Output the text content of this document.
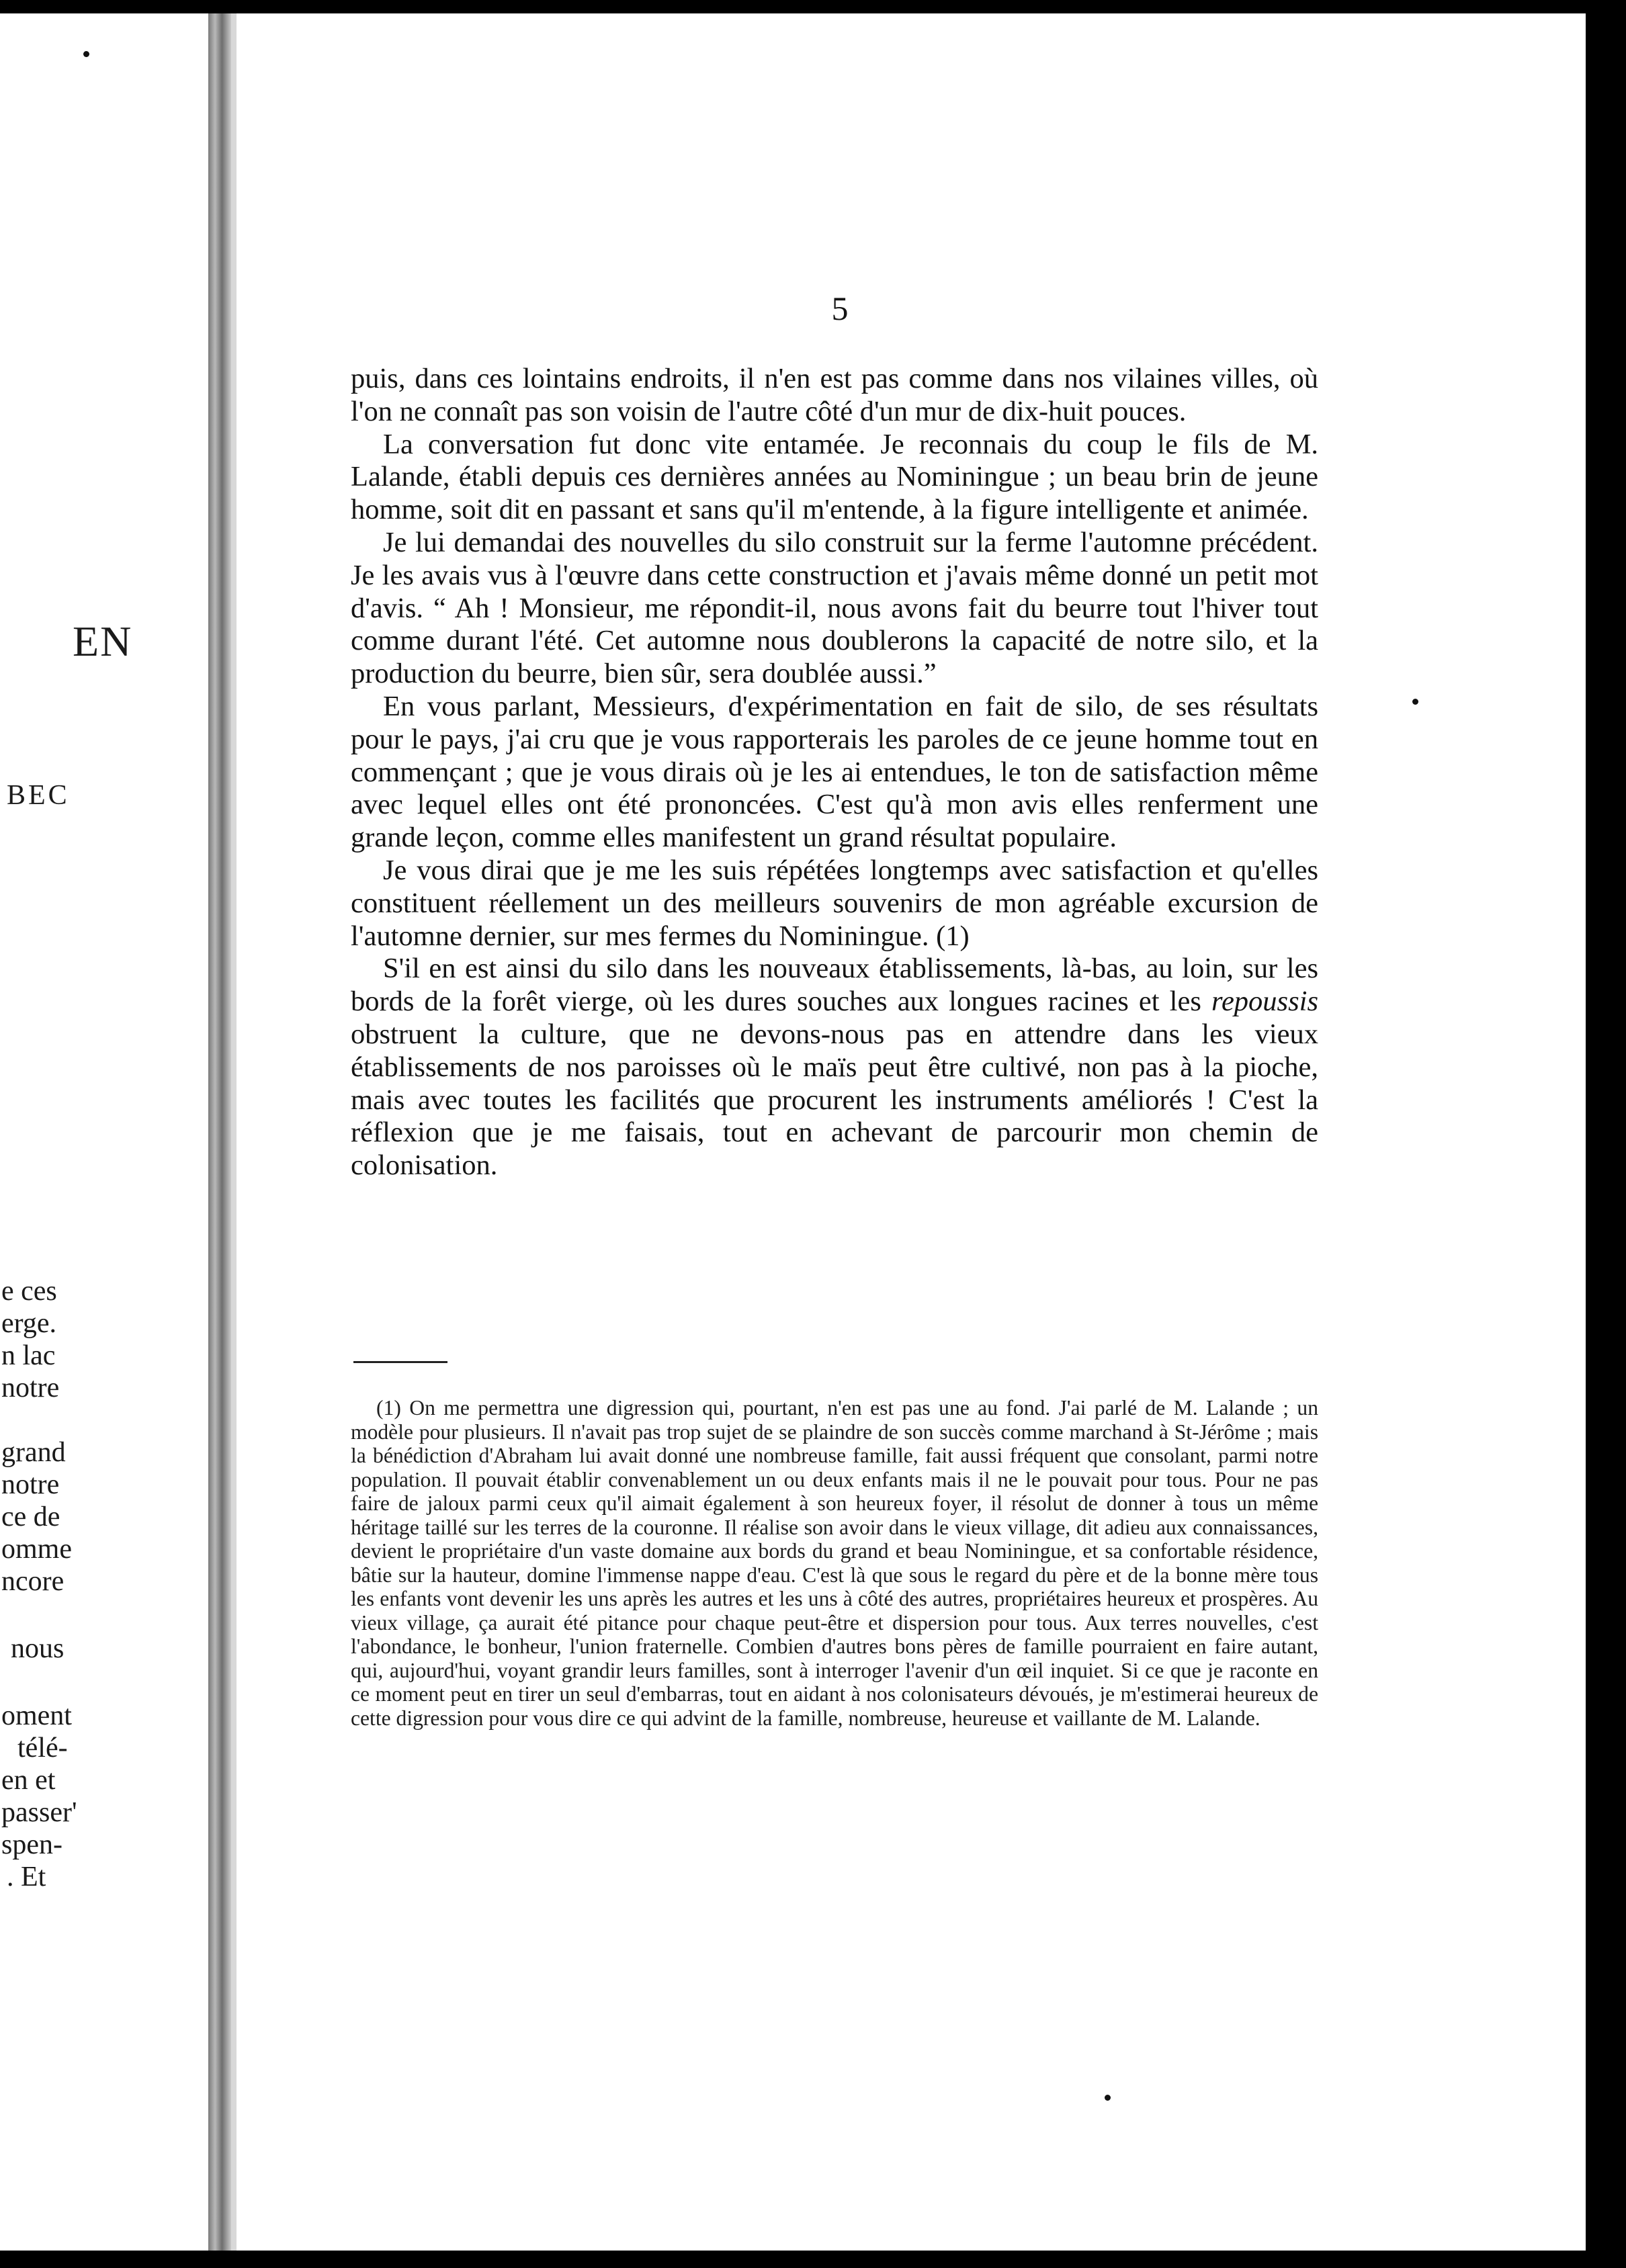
EN
BEC
e ces
erge.
n lac
notre
grand
notre
ce de
omme
ncore
nous
oment
télé-
en et
passer'
spen-
. Et
5

puis, dans ces lointains endroits, il n'en est pas comme dans nos vilaines villes, où l'on ne connaît pas son voisin de l'autre côté d'un mur de dix-huit pouces.

La conversation fut donc vite entamée. Je reconnais du coup le fils de M. Lalande, établi depuis ces dernières années au Nominingue ; un beau brin de jeune homme, soit dit en passant et sans qu'il m'entende, à la figure intelligente et animée.

Je lui demandai des nouvelles du silo construit sur la ferme l'automne précédent. Je les avais vus à l'œuvre dans cette construction et j'avais même donné un petit mot d'avis. “ Ah ! Monsieur, me répondit-il, nous avons fait du beurre tout l'hiver tout comme durant l'été. Cet automne nous doublerons la capacité de notre silo, et la production du beurre, bien sûr, sera doublée aussi.”

En vous parlant, Messieurs, d'expérimentation en fait de silo, de ses résultats pour le pays, j'ai cru que je vous rapporterais les paroles de ce jeune homme tout en commençant ; que je vous dirais où je les ai entendues, le ton de satisfaction même avec lequel elles ont été prononcées. C'est qu'à mon avis elles renferment une grande leçon, comme elles manifestent un grand résultat populaire.

Je vous dirai que je me les suis répétées longtemps avec satisfaction et qu'elles constituent réellement un des meilleurs souvenirs de mon agréable excursion de l'automne dernier, sur mes fermes du Nominingue. (1)

S'il en est ainsi du silo dans les nouveaux établissements, là-bas, au loin, sur les bords de la forêt vierge, où les dures souches aux longues racines et les repoussis obstruent la culture, que ne devons-nous pas en attendre dans les vieux établissements de nos paroisses où le maïs peut être cultivé, non pas à la pioche, mais avec toutes les facilités que procurent les instruments améliorés ! C'est la réflexion que je me faisais, tout en achevant de parcourir mon chemin de colonisation.

(1) On me permettra une digression qui, pourtant, n'en est pas une au fond. J'ai parlé de M. Lalande ; un modèle pour plusieurs. Il n'avait pas trop sujet de se plaindre de son succès comme marchand à St-Jérôme ; mais la bénédiction d'Abraham lui avait donné une nombreuse famille, fait aussi fréquent que consolant, parmi notre population. Il pouvait établir convenablement un ou deux enfants mais il ne le pouvait pour tous. Pour ne pas faire de jaloux parmi ceux qu'il aimait également à son heureux foyer, il résolut de donner à tous un même héritage taillé sur les terres de la couronne. Il réalise son avoir dans le vieux village, dit adieu aux connaissances, devient le propriétaire d'un vaste domaine aux bords du grand et beau Nominingue, et sa confortable résidence, bâtie sur la hauteur, domine l'immense nappe d'eau. C'est là que sous le regard du père et de la bonne mère tous les enfants vont devenir les uns après les autres et les uns à côté des autres, propriétaires heureux et prospères. Au vieux village, ça aurait été pitance pour chaque peut-être et dispersion pour tous. Aux terres nouvelles, c'est l'abondance, le bonheur, l'union fraternelle. Combien d'autres bons pères de famille pourraient en faire autant, qui, aujourd'hui, voyant grandir leurs familles, sont à interroger l'avenir d'un œil inquiet. Si ce que je raconte en ce moment peut en tirer un seul d'embarras, tout en aidant à nos colonisateurs dévoués, je m'estimerai heureux de cette digression pour vous dire ce qui advint de la famille, nombreuse, heureuse et vaillante de M. Lalande.
